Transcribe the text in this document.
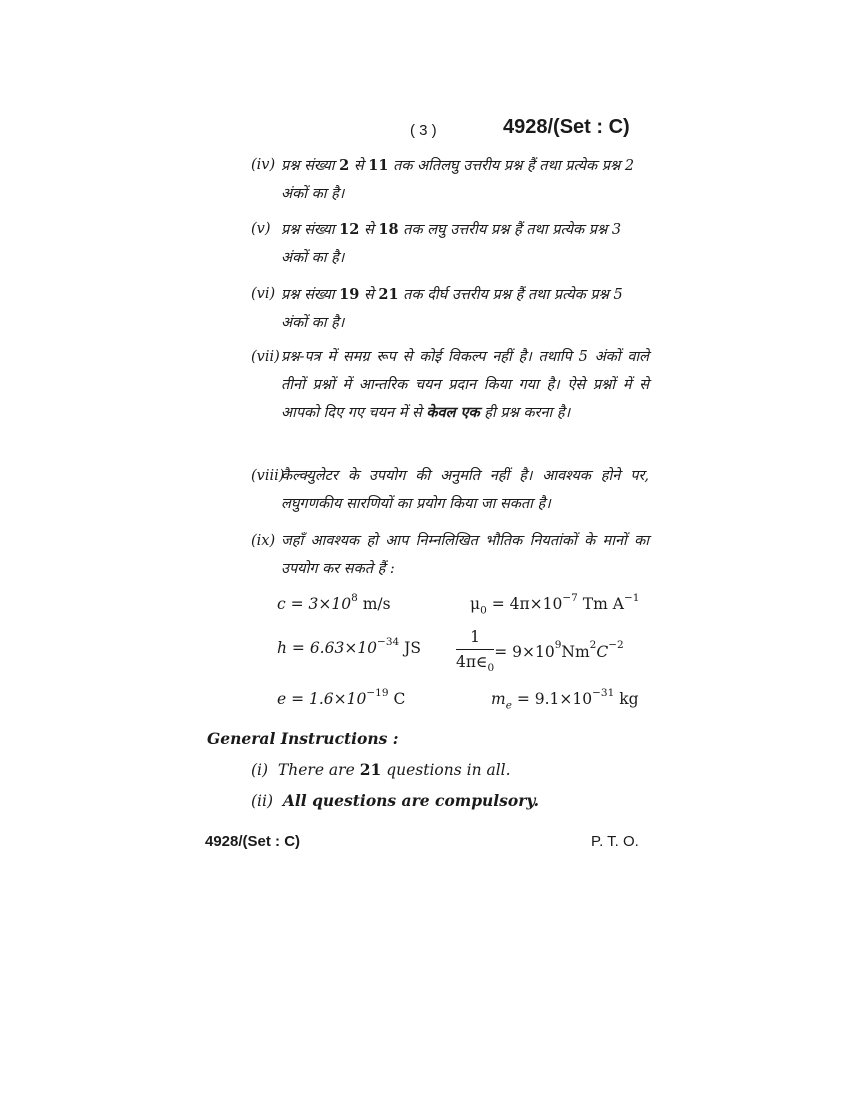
( 3 )	4928/(Set : C)
(iv) प्रश्न संख्या 2 से 11 तक अतिलघु उत्तरीय प्रश्न हैं तथा प्रत्येक प्रश्न 2 अंकों का है।
(v) प्रश्न संख्या 12 से 18 तक लघु उत्तरीय प्रश्न हैं तथा प्रत्येक प्रश्न 3 अंकों का है।
(vi) प्रश्न संख्या 19 से 21 तक दीर्घ उत्तरीय प्रश्न हैं तथा प्रत्येक प्रश्न 5 अंकों का है।
(vii) प्रश्न-पत्र में समग्र रूप से कोई विकल्प नहीं है। तथापि 5 अंकों वाले तीनों प्रश्नों में आन्तरिक चयन प्रदान किया गया है। ऐसे प्रश्नों में से आपको दिए गए चयन में से केवल एक ही प्रश्न करना है।
(viii)
कैल्क्युलेटर के उपयोग की अनुमति नहीं है। आवश्यक होने पर, लघुगणकीय सारणियों का प्रयोग किया जा सकता है।
(ix) जहाँ आवश्यक हो आप निम्नलिखित भौतिक नियतांकों के मानों का उपयोग कर सकते हैं :
$c = 3\times 10^8$ m/s	$\mu_0 = 4\pi\times 10^{-7}$ Tm $A^{-1}$
$h = 6.63\times 10^{-34}$ JS $\frac{1}{4\pi\in_0} = 9\times 10^9Nm^2C^{-2}$
$e = 1.6\times 10^{-19}$ C	$m_e = 9.1\times 10^{-31}$ kg
General Instructions :
(i) There are 21 questions in all.
(ii) All questions are compulsory.
4928/(Set : C)	P. T. O.
